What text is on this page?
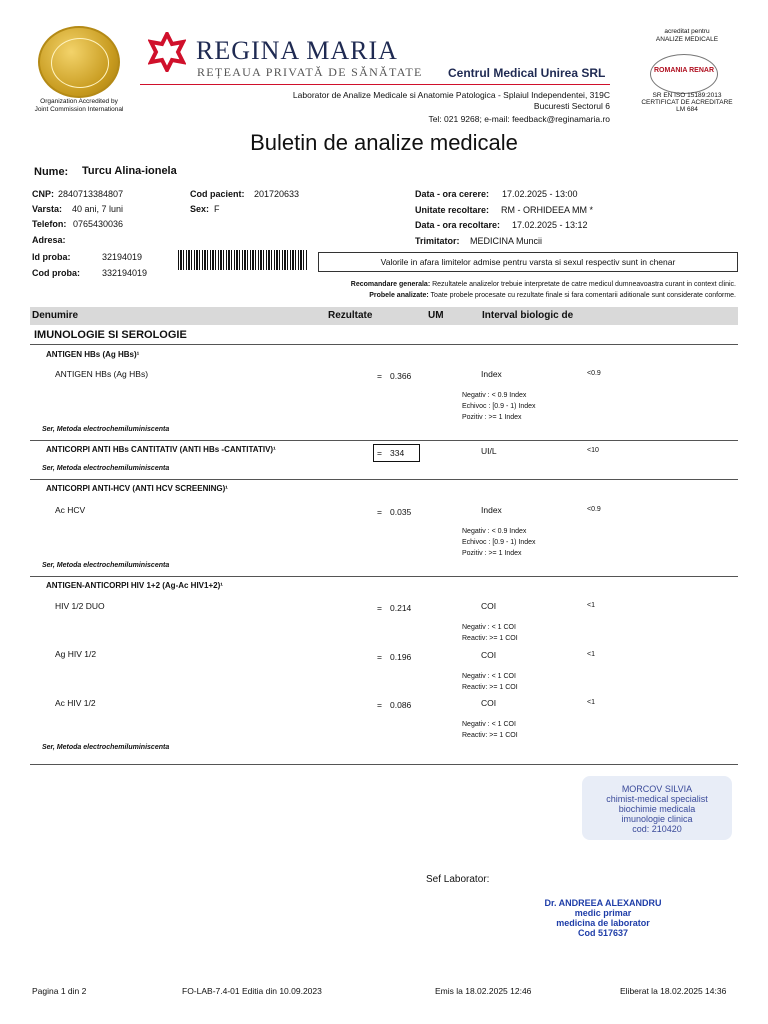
Organization Accredited by
Joint Commission International
REGINA MARIA
REȚEAUA PRIVATĂ DE SĂNĂTATE Centrul Medical Unirea SRL
Laborator de Analize Medicale si Anatomie Patologica - Splaiul Independentei, 319C
Bucuresti Sectorul 6
Tel: 021 9268; e-mail: feedback@reginamaria.ro
acreditat pentru
ANALIZE MEDICALE
ROMANIA RENAR
SR EN ISO 15189:2013
CERTIFICAT DE ACREDITARE
LM 684
Buletin de analize medicale
Nume: Turcu Alina-ionela
CNP: 2840713384807
Varsta: 40 ani, 7 luni
Telefon: 0765430036
Adresa:
Id proba:	32194019
Cod proba: 332194019
Cod pacient: 201720633
Sex: F
Data - ora cerere: 17.02.2025 - 13:00
Unitate recoltare: RM - ORHIDEEA MM *
Data - ora recoltare: 17.02.2025 - 13:12
Trimitator: MEDICINA Muncii
Valorile in afara limitelor admise pentru varsta si sexul respectiv sunt in chenar
Recomandare generala: Rezultatele analizelor trebuie interpretate de catre medicul dumneavoastra curant in context clinic.
Probele analizate: Toate probele procesate cu rezultate finale si fara comentarii aditionale sunt considerate conforme.
Denumire	Rezultate	UM	Interval biologic de
IMUNOLOGIE SI SEROLOGIE
ANTIGEN HBs (Ag HBs)¹
ANTIGEN HBs (Ag HBs)	= 0.366	Index	<0.9
Negativ : < 0.9 Index
Echivoc : [0.9 - 1) Index
Pozitiv : >= 1 Index
Ser, Metoda electrochemiluminiscenta
ANTICORPI ANTI HBs CANTITATIV (ANTI HBs -CANTITATIV)¹	= 334	UI/L	<10
Ser, Metoda electrochemiluminiscenta
ANTICORPI ANTI-HCV (ANTI HCV SCREENING)¹
Ac HCV	= 0.035	Index	<0.9
Negativ : < 0.9 Index
Echivoc : [0.9 - 1) Index
Pozitiv : >= 1 Index
Ser, Metoda electrochemiluminiscenta
ANTIGEN-ANTICORPI HIV 1+2 (Ag-Ac HIV1+2)¹
HIV 1/2 DUO	= 0.214	COI	<1
Negativ : < 1 COI
Reactiv: >= 1 COI
Ag HIV 1/2	= 0.196	COI	<1
Negativ : < 1 COI
Reactiv: >= 1 COI
Ac HIV 1/2	= 0.086	COI	<1
Negativ : < 1 COI
Reactiv: >= 1 COI
Ser, Metoda electrochemiluminiscenta
MORCOV SILVIA
chimist-medical specialist
biochimie medicala
imunologie clinica
cod: 210420
Sef Laborator:
Dr. ANDREEA ALEXANDRU
medic primar
medicina de laborator
Cod 517637
Pagina 1 din 2	FO-LAB-7.4-01 Editia din 10.09.2023	Emis la 18.02.2025 12:46	Eliberat la 18.02.2025 14:36
